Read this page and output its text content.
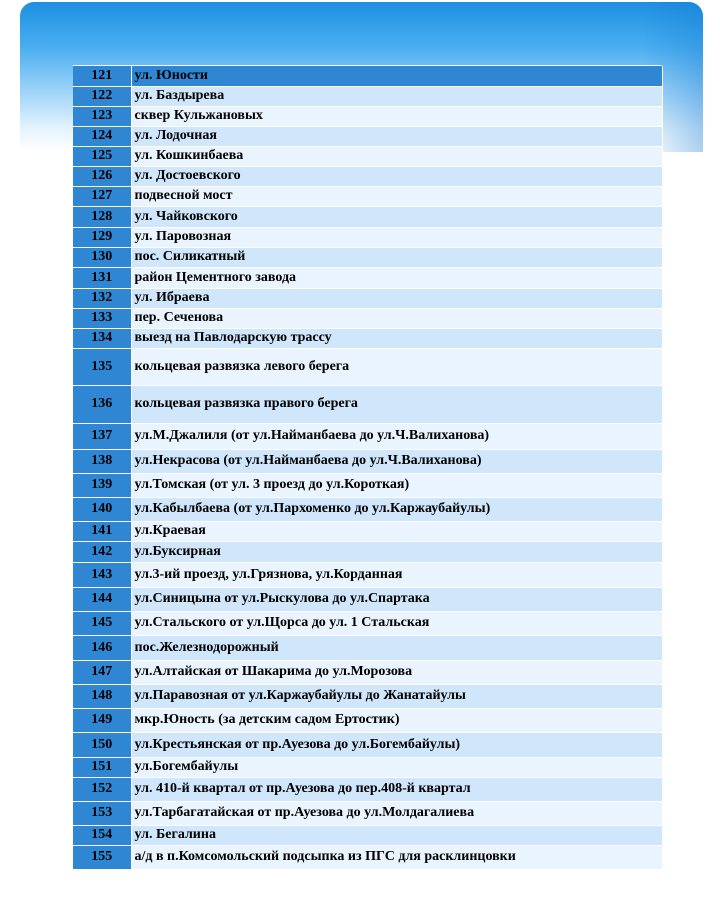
121	ул. Юности
122	ул. Баздырева
123	сквер Кульжановых
124	ул. Лодочная
125	ул. Кошкинбаева
126	ул. Достоевского
127	подвесной мост
128	ул. Чайковского
129	ул. Паровозная
130	пос. Силикатный
131	район Цементного завода
132	ул. Ибраева
133	пер. Сеченова
134	выезд на Павлодарскую трассу
135	кольцевая развязка левого берега
136	кольцевая развязка правого берега
137	ул.М.Джалиля (от ул.Найманбаева до ул.Ч.Валиханова)
138	ул.Некрасова (от ул.Найманбаева до ул.Ч.Валиханова)
139	ул.Томская (от ул. 3 проезд до ул.Короткая)
140	ул.Кабылбаева (от ул.Пархоменко до ул.Каржаубайулы)
141	ул.Краевая
142	ул.Буксирная
143	ул.3-ий проезд, ул.Грязнова, ул.Корданная
144	ул.Синицына от ул.Рыскулова до ул.Спартака
145	ул.Стальского от ул.Щорса до ул. 1 Стальская
146	пос.Железнодорожный
147	ул.Алтайская от Шакарима до ул.Морозова
148	ул.Паравозная от ул.Каржаубайулы до Жанатайулы
149	мкр.Юность (за детским садом Ертостик)
150	ул.Крестьянская от пр.Ауезова до ул.Богембайулы)
151	ул.Богембайулы
152	ул. 410-й квартал от пр.Ауезова до пер.408-й квартал
153	ул.Тарбагатайская от пр.Ауезова до ул.Молдагалиева
154	ул. Бегалина
155	а/д в п.Комсомольский подсыпка из ПГС для расклинцовки
